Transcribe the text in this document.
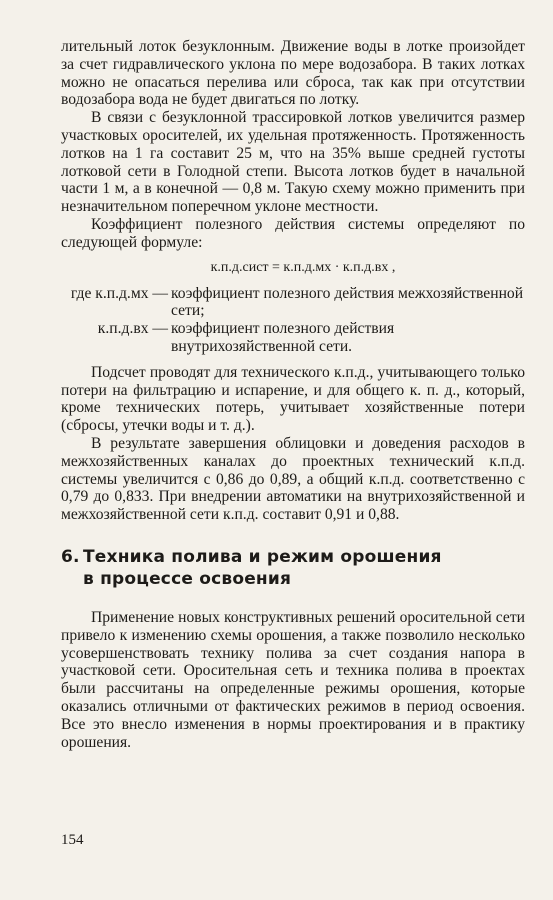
лительный лоток безуклонным. Движение воды в лотке произойдет за счет гидравлического уклона по мере водозабора. В таких лотках можно не опасаться перелива или сброса, так как при отсутствии водозабора вода не будет двигаться по лотку.

В связи с безуклонной трассировкой лотков увеличится размер участковых оросителей, их удельная протяженность. Протяженность лотков на 1 га составит 25 м, что на 35% выше средней густоты лотковой сети в Голодной степи. Высота лотков будет в начальной части 1 м, а в конечной — 0,8 м. Такую схему можно применить при незначительном поперечном уклоне местности.

Коэффициент полезного действия системы определяют по следующей формуле:

к.п.д.сист = к.п.д.мх · к.п.д.вх ,
где к.п.д.мх — коэффициент полезного действия межхозяйственной сети;

к.п.д.вх — коэффициент полезного действия внутрихозяйственной сети.

Подсчет проводят для технического к.п.д., учитывающего только потери на фильтрацию и испарение, и для общего к. п. д., который, кроме технических потерь, учитывает хозяйственные потери (сбросы, утечки воды и т. д.).

В результате завершения облицовки и доведения расходов в межхозяйственных каналах до проектных технический к.п.д. системы увеличится с 0,86 до 0,89, а общий к.п.д. соответственно с 0,79 до 0,833. При внедрении автоматики на внутрихозяйственной и межхозяйственной сети к.п.д. составит 0,91 и 0,88.

6. Техника полива и режим орошения
в процессе освоения

Применение новых конструктивных решений оросительной сети привело к изменению схемы орошения, а также позволило несколько усовершенствовать технику полива за счет создания напора в участковой сети. Оросительная сеть и техника полива в проектах были рассчитаны на определенные режимы орошения, которые оказались отличными от фактических режимов в период освоения. Все это внесло изменения в нормы проектирования и в практику орошения.

154
